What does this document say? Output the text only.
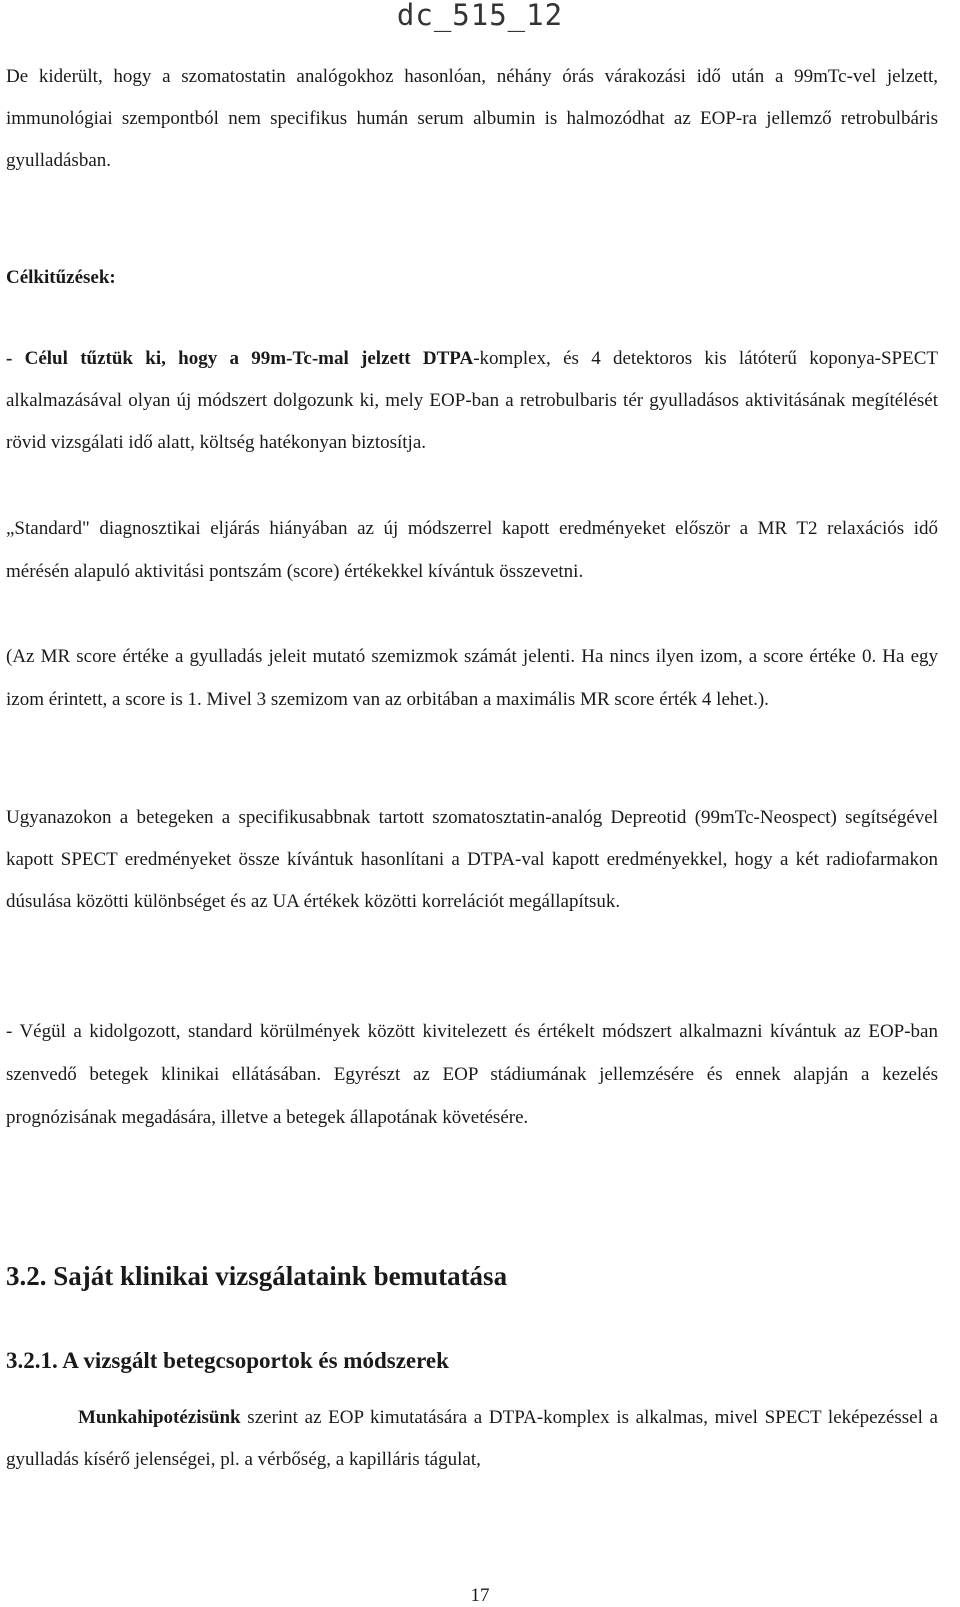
dc_515_12
De kiderült, hogy a szomatostatin analógokhoz hasonlóan, néhány órás várakozási idő után a 99mTc-vel jelzett, immunológiai szempontból nem specifikus humán serum albumin is halmozódhat az EOP-ra jellemző retrobulbáris gyulladásban.
Célkitűzések:
- Célul tűztük ki, hogy a 99m-Tc-mal jelzett DTPA-komplex, és 4 detektoros kis látóterű koponya-SPECT alkalmazásával olyan új módszert dolgozunk ki, mely EOP-ban a retrobulbaris tér gyulladásos aktivitásának megítélését rövid vizsgálati idő alatt, költség hatékonyan biztosítja.
„Standard" diagnosztikai eljárás hiányában az új módszerrel kapott eredményeket először a MR T2 relaxációs idő mérésén alapuló aktivitási pontszám (score) értékekkel kívántuk összevetni.
(Az MR score értéke a gyulladás jeleit mutató szemizmok számát jelenti. Ha nincs ilyen izom, a score értéke 0. Ha egy izom érintett, a score is 1. Mivel 3 szemizom van az orbitában a maximális MR score érték 4 lehet.).
Ugyanazokon a betegeken a specifikusabbnak tartott szomatosztatin-analóg Depreotid (99mTc-Neospect) segítségével kapott SPECT eredményeket össze kívántuk hasonlítani a DTPA-val kapott eredményekkel, hogy a két radiofarmakon dúsulása közötti különbséget és az UA értékek közötti korrelációt megállapítsuk.
- Végül a kidolgozott, standard körülmények között kivitelezett és értékelt módszert alkalmazni kívántuk az EOP-ban szenvedő betegek klinikai ellátásában. Egyrészt az EOP stádiumának jellemzésére és ennek alapján a kezelés prognózisának megadására, illetve a betegek állapotának követésére.
3.2. Saját klinikai vizsgálataink bemutatása
3.2.1. A vizsgált betegcsoportok és módszerek
Munkahipotézisünk szerint az EOP kimutatására a DTPA-komplex is alkalmas, mivel SPECT leképezéssel a gyulladás kísérő jelenségei, pl. a vérbőség, a kapilláris tágulat,
17
